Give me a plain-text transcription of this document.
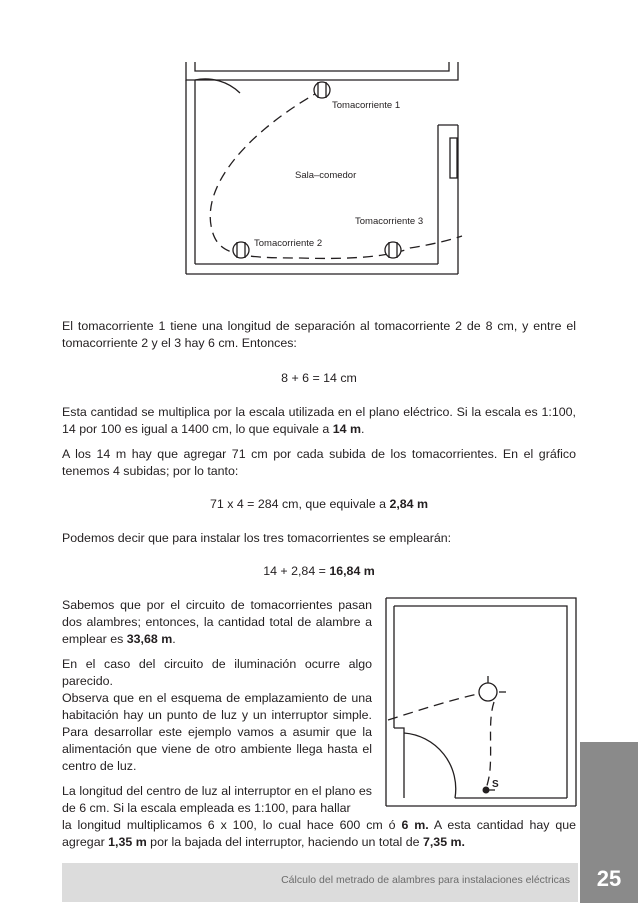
Tomacorriente 1
Sala–comedor
Tomacorriente 3
Tomacorriente 2

El tomacorriente 1 tiene una longitud de separación al tomacorriente 2 de 8 cm, y entre el tomacorriente 2 y el 3 hay 6 cm. Entonces:

8 + 6 = 14 cm

Esta cantidad se multiplica por la escala utilizada en el plano eléctrico. Si la escala es 1:100, 14 por 100 es igual a 1400 cm, lo que equivale a 14 m.

A los 14 m hay que agregar 71 cm por cada subida de los tomacorrientes. En el gráfico tenemos 4 subidas; por lo tanto:

71 x 4 = 284 cm, que equivale a 2,84 m

Podemos decir que para instalar los tres tomacorrientes se emplearán:

14 + 2,84 = 16,84 m

Sabemos que por el circuito de tomacorrientes pasan dos alambres; entonces, la cantidad total de alambre a emplear es 33,68 m.

En el caso del circuito de iluminación ocurre algo parecido.

Observa que en el esquema de emplazamiento de una habitación hay un punto de luz y un interruptor simple. Para desarrollar este ejemplo vamos a asumir que la alimentación que viene de otro ambiente llega hasta el centro de luz.

La longitud del centro de luz al interruptor en el plano es de 6 cm. Si la escala empleada es 1:100, para hallar

la longitud multiplicamos 6 x 100, lo cual hace 600 cm ó 6 m. A esta cantidad hay que agregar 1,35 m por la bajada del interruptor, haciendo un total de 7,35 m.

S
Cálculo del metrado de alambres para instalaciones eléctricas	25
